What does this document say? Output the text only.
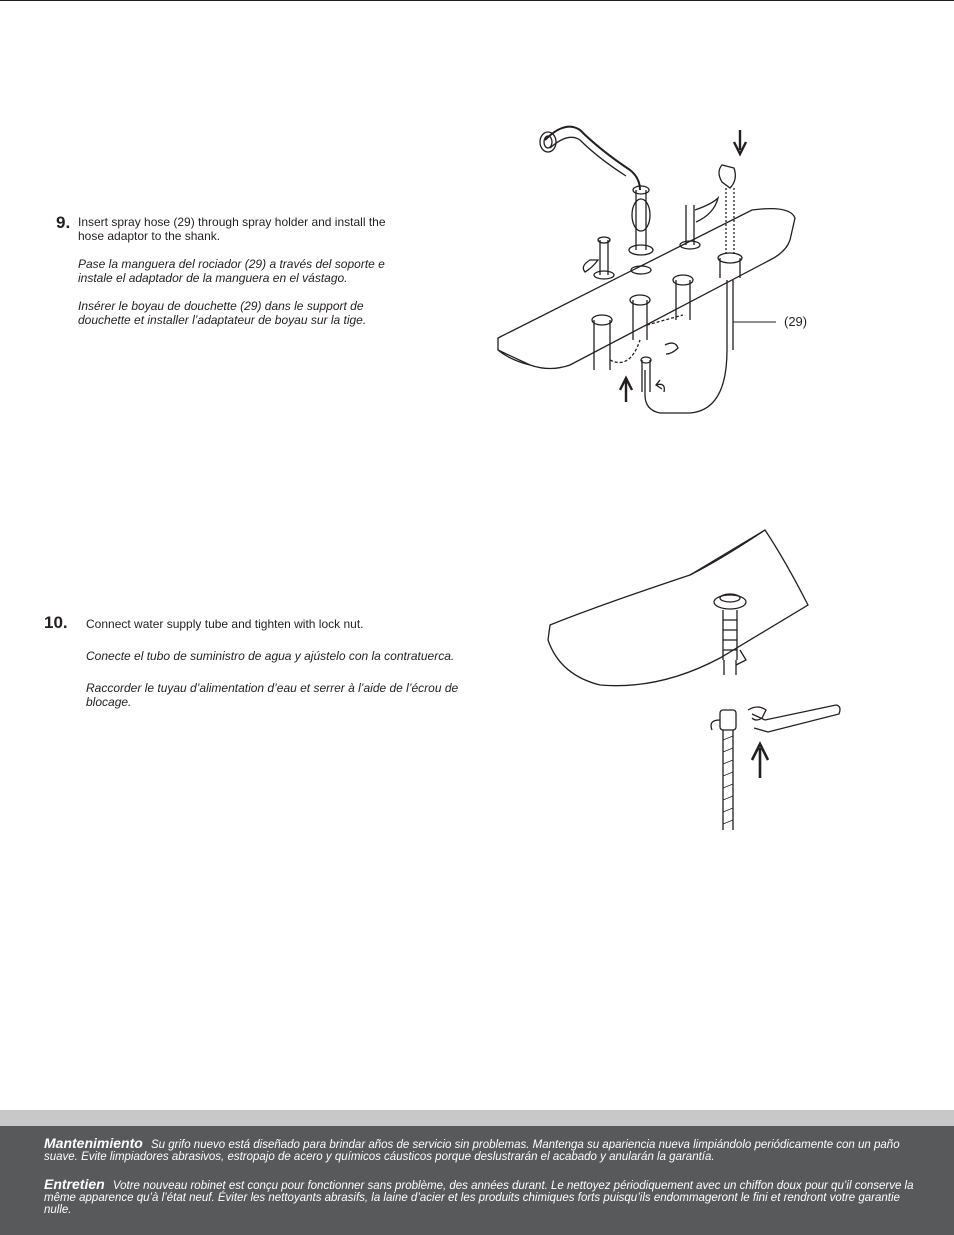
9. Insert spray hose (29) through spray holder and install the hose adaptor to the shank.

Pase la manguera del rociador (29) a través del soporte e instale el adaptador de la manguera en el vástago.

Insérer le boyau de douchette (29) dans le support de douchette et installer l’adaptateur de boyau sur la tige.	(29)
10. Connect water supply tube and tighten with lock nut.

Conecte el tubo de suministro de agua y ajústelo con la contratuerca.

Raccorder le tuyau d’alimentation d’eau et serrer à l’aide de l’écrou de blocage.

Mantenimiento Su grifo nuevo está diseñado para brindar años de servicio sin problemas. Mantenga su apariencia nueva limpiándolo periódicamente con un paño suave. Evite limpiadores abrasivos, estropajo de acero y químicos cáusticos porque deslustrarán el acabado y anularán la garantía.
Entretien Votre nouveau robinet est conçu pour fonctionner sans problème, des années durant. Le nettoyez périodiquement avec un chiffon doux pour qu’il conserve la même apparence qu’à l’état neuf. Éviter les nettoyants abrasifs, la laine d’acier et les produits chimiques forts puisqu’ils endommageront le fini et rendront votre garantie nulle.
